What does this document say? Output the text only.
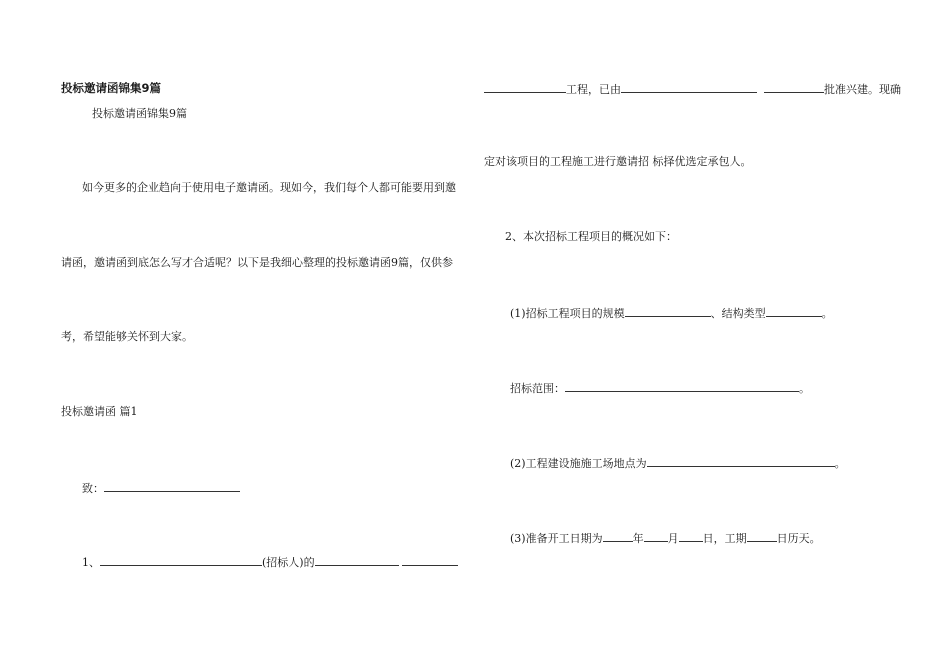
投标邀请函锦集9篇
投标邀请函锦集9篇
如今更多的企业趋向于使用电子邀请函。现如今，我们每个人都可能要用到邀
请函，邀请函到底怎么写才合适呢？以下是我细心整理的投标邀请函9篇，仅供参
考，希望能够关怀到大家。
投标邀请函 篇1
致：
1、	(招标人)的
工程，已由	批准兴建。现确
定对该项目的工程施工进行邀请招 标择优选定承包人。
2、本次招标工程项目的概况如下：
(1)招标工程项目的规模	、结构类型	。
招标范围：	。
(2)工程建设施施工场地点为	。
(3)准备开工日期为	年 月 日，工期	日历天。
